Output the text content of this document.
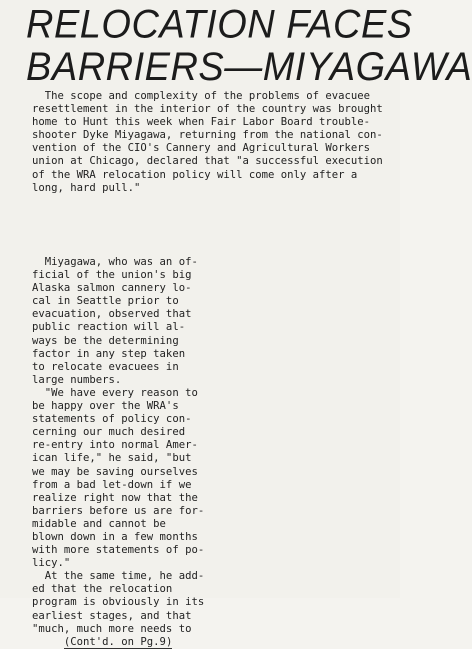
RELOCATION FACES
BARRIERS—MIYAGAWA
The scope and complexity of the problems of evacuee
resettlement in the interior of the country was brought
home to Hunt this week when Fair Labor Board trouble-
shooter Dyke Miyagawa, returning from the national con-
vention of the CIO's Cannery and Agricultural Workers
union at Chicago, declared that "a successful execution
of the WRA relocation policy will come only after a
long, hard pull."
Miyagawa, who was an of-
ficial of the union's big
Alaska salmon cannery lo-
cal in Seattle prior to
evacuation, observed that
public reaction will al-
ways be the determining
factor in any step taken
to relocate evacuees in
large numbers.
"We have every reason to
be happy over the WRA's
statements of policy con-
cerning our much desired
re-entry into normal Amer-
ican life," he said, "but
we may be saving ourselves
from a bad let-down if we
realize right now that the
barriers before us are for-
midable and cannot be
blown down in a few months
with more statements of po-
licy."
At the same time, he add-
ed that the relocation
program is obviously in its
earliest stages, and that
"much, much more needs to
(Cont'd. on Pg.9)
